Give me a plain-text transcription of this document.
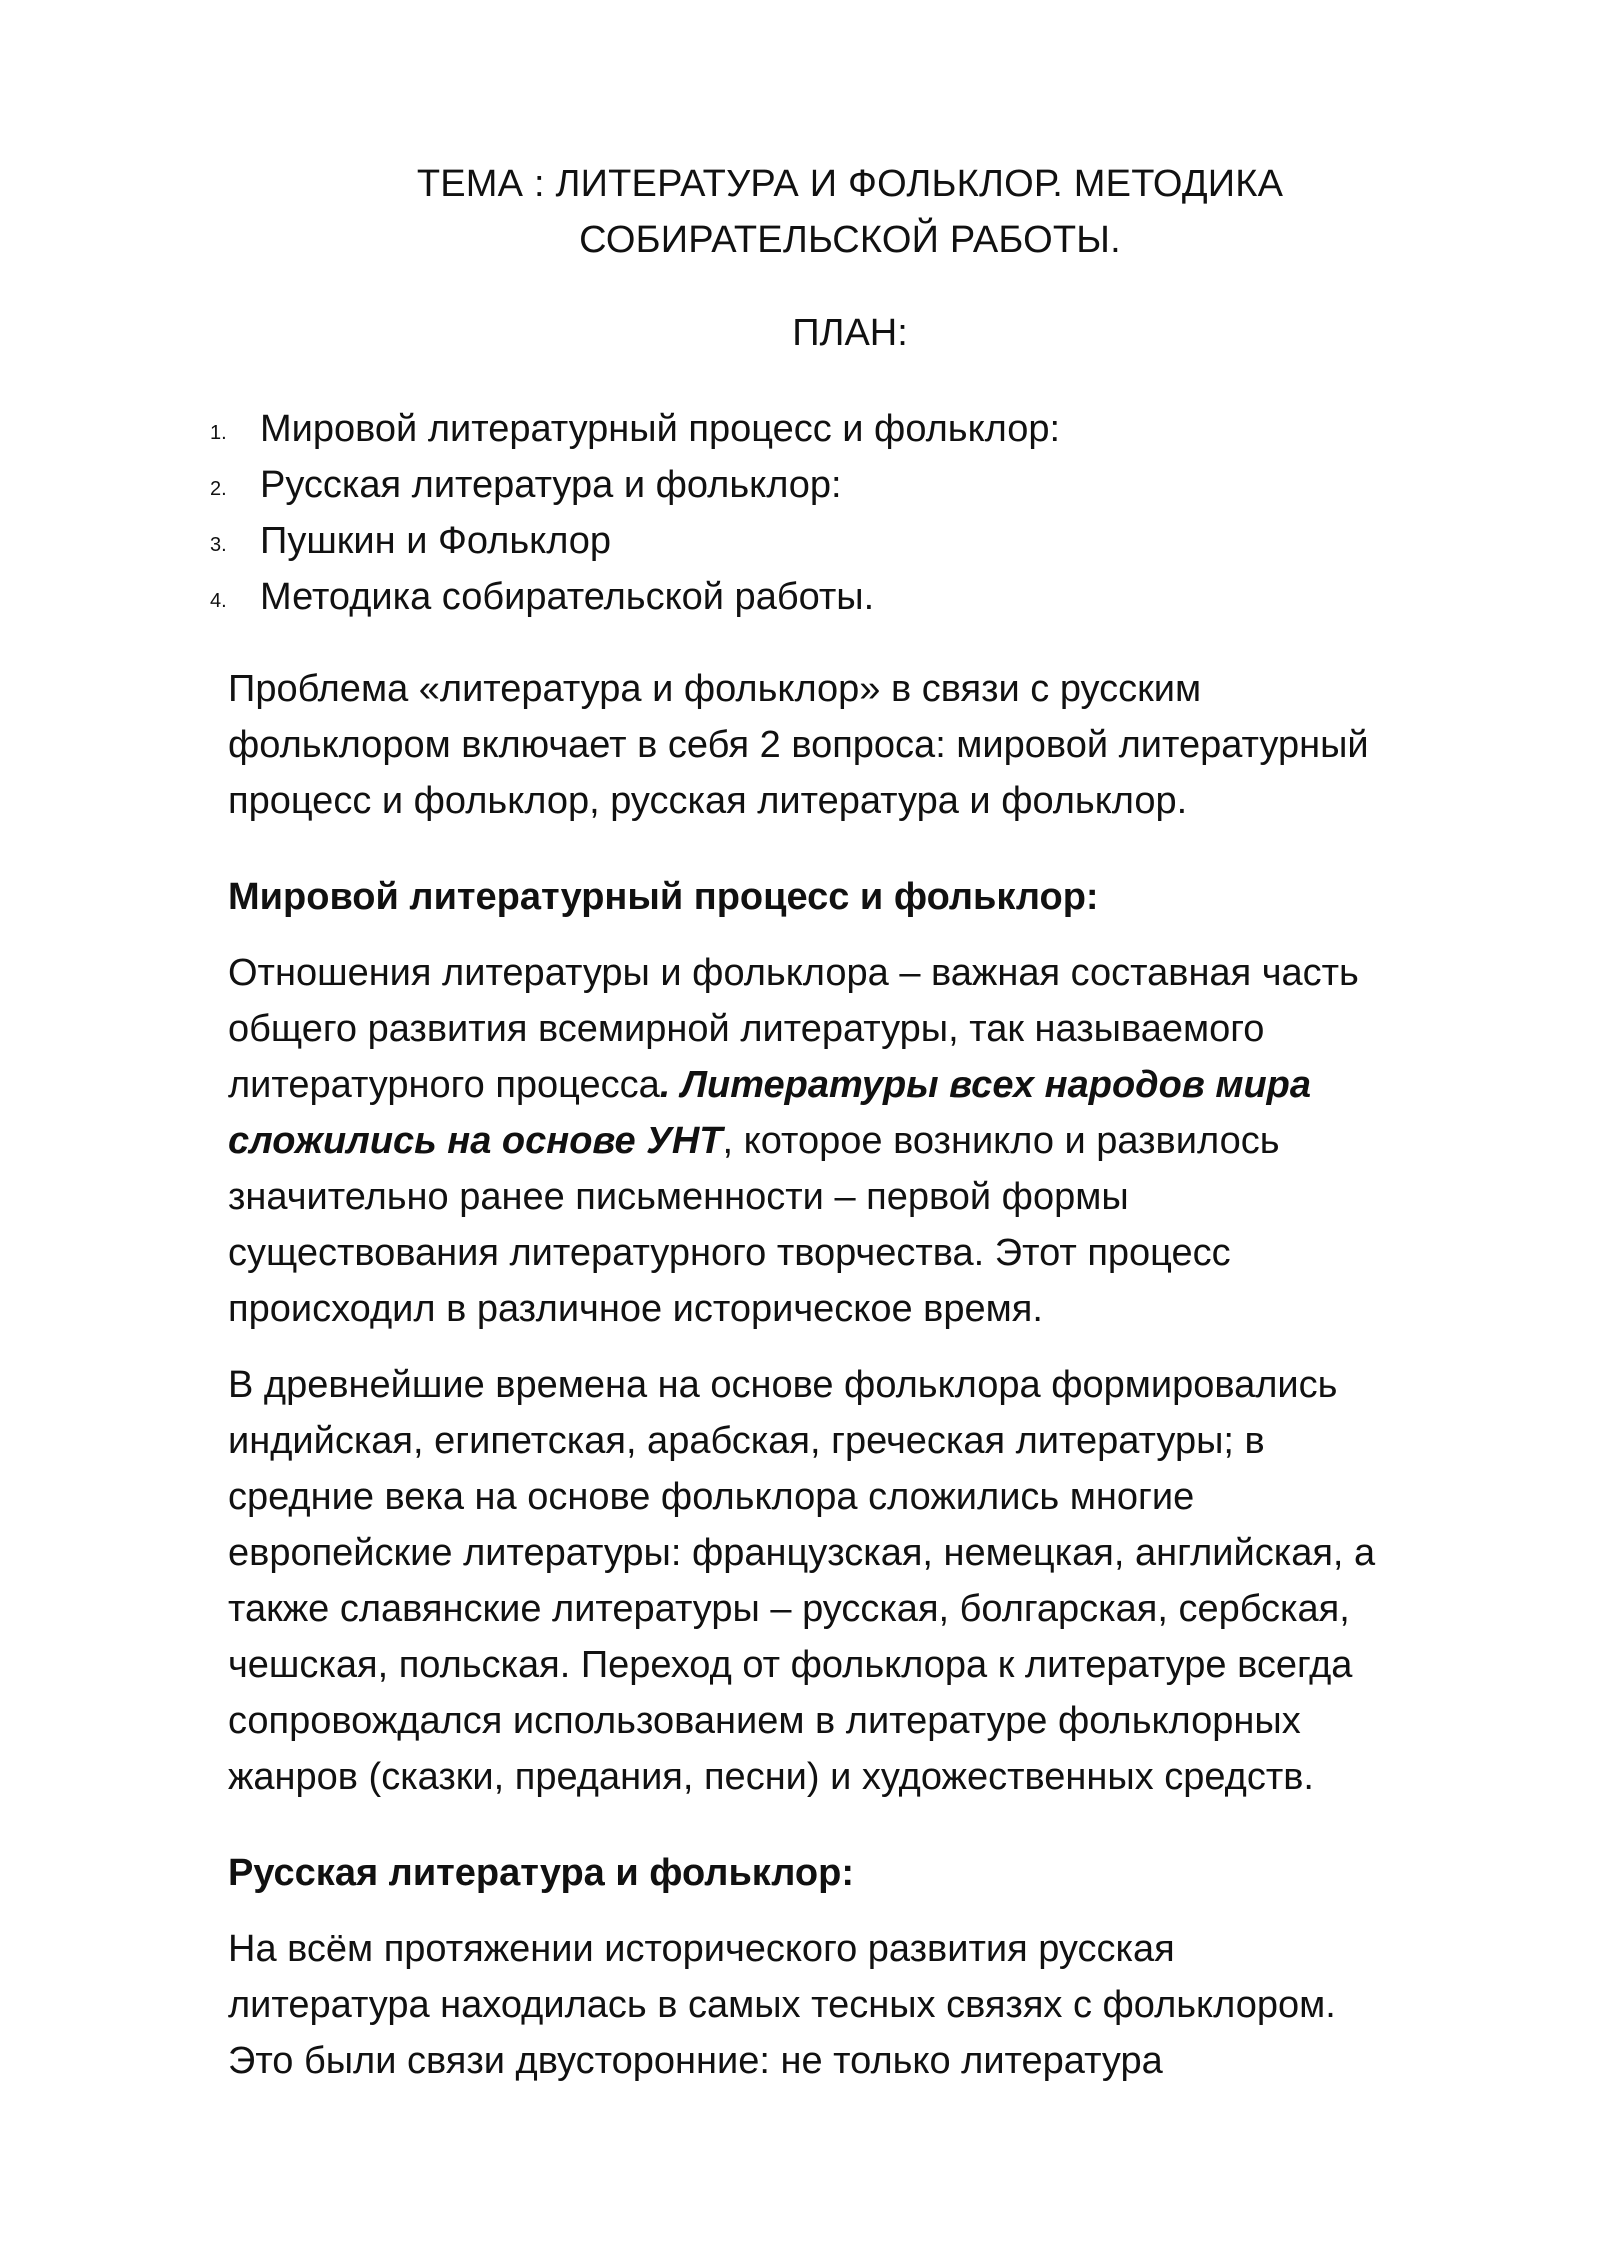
ТЕМА : ЛИТЕРАТУРА И ФОЛЬКЛОР. МЕТОДИКА
СОБИРАТЕЛЬСКОЙ РАБОТЫ.
ПЛАН:
1. Мировой литературный процесс и фольклор:
2. Русская литература и фольклор:
3. Пушкин и Фольклор
4. Методика собирательской работы.

Проблема «литература и фольклор» в связи с русским
фольклором включает в себя 2 вопроса: мировой литературный
процесс и фольклор, русская литература и фольклор.

Мировой литературный процесс и фольклор:

Отношения литературы и фольклора – важная составная часть
общего развития всемирной литературы, так называемого
литературного процесса. Литературы всех народов мира
сложились на основе УНТ, которое возникло и развилось
значительно ранее письменности – первой формы
существования литературного творчества. Этот процесс
происходил в различное историческое время.

В древнейшие времена на основе фольклора формировались
индийская, египетская, арабская, греческая литературы; в
средние века на основе фольклора сложились многие
европейские литературы: французская, немецкая, английская, а
также славянские литературы – русская, болгарская, сербская,
чешская, польская. Переход от фольклора к литературе всегда
сопровождался использованием в литературе фольклорных
жанров (сказки, предания, песни) и художественных средств.

Русская литература и фольклор:

На всём протяжении исторического развития русская
литература находилась в самых тесных связях с фольклором.
Это были связи двусторонние: не только литература
